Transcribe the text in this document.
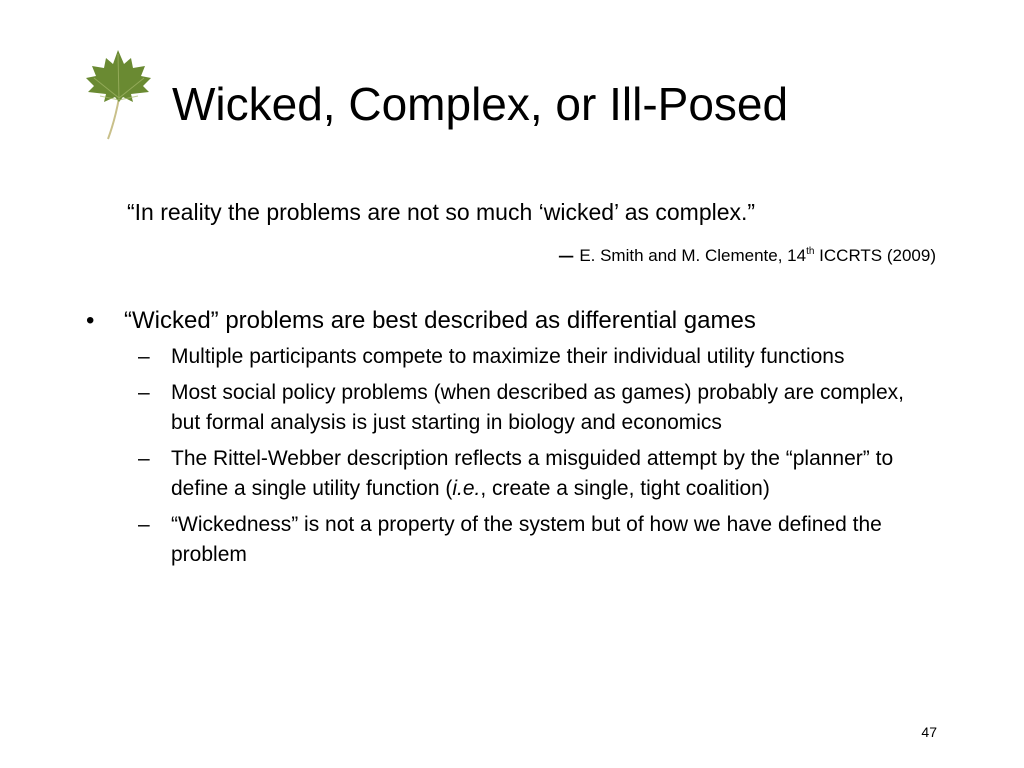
Wicked, Complex, or Ill-Posed
“In reality the problems are not so much ‘wicked’ as complex.”
– E. Smith and M. Clemente, 14th ICCRTS (2009)
•	“Wicked” problems are best described as differential games
–	Multiple participants compete to maximize their individual utility functions
–	Most social policy problems (when described as games) probably are complex, but formal analysis is just starting in biology and economics
–	The Rittel-Webber description reflects a misguided attempt by the “planner” to define a single utility function (i.e., create a single, tight coalition)
–	“Wickedness” is not a property of the system but of how we have defined the problem
47
